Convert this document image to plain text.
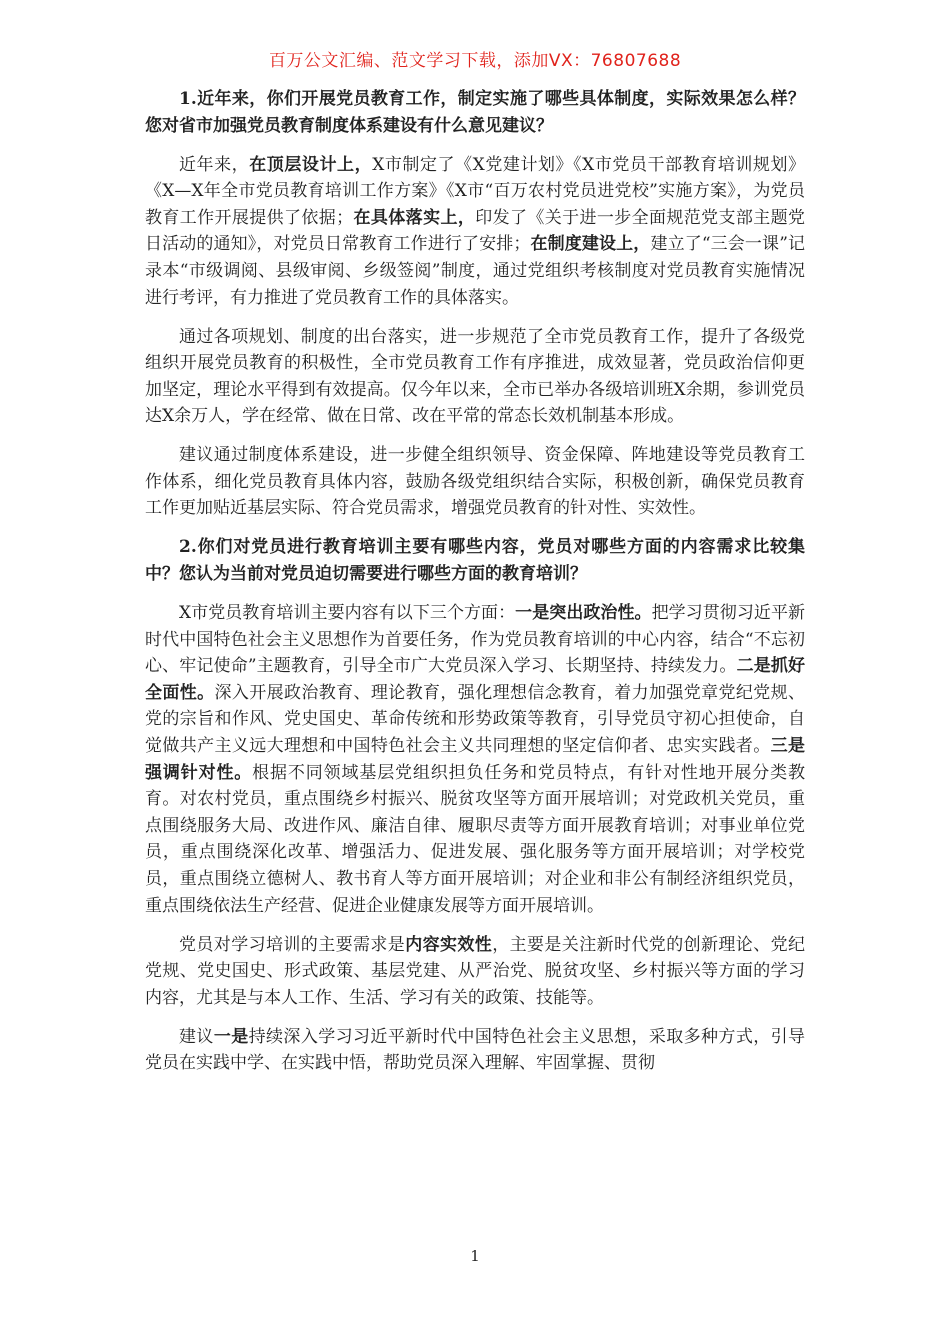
百万公文汇编、范文学习下载，添加VX：76807688

1.近年来，你们开展党员教育工作，制定实施了哪些具体制度，实际效果怎么样？您对省市加强党员教育制度体系建设有什么意见建议？

近年来，在顶层设计上，X市制定了《X党建计划》《X市党员干部教育培训规划》《X—X年全市党员教育培训工作方案》《X市“百万农村党员进党校”实施方案》，为党员教育工作开展提供了依据；在具体落实上，印发了《关于进一步全面规范党支部主题党日活动的通知》，对党员日常教育工作进行了安排；在制度建设上，建立了“三会一课”记录本“市级调阅、县级审阅、乡级签阅”制度，通过党组织考核制度对党员教育实施情况进行考评，有力推进了党员教育工作的具体落实。

通过各项规划、制度的出台落实，进一步规范了全市党员教育工作，提升了各级党组织开展党员教育的积极性，全市党员教育工作有序推进，成效显著，党员政治信仰更加坚定，理论水平得到有效提高。仅今年以来，全市已举办各级培训班X余期，参训党员达X余万人，学在经常、做在日常、改在平常的常态长效机制基本形成。

建议通过制度体系建设，进一步健全组织领导、资金保障、阵地建设等党员教育工作体系，细化党员教育具体内容，鼓励各级党组织结合实际，积极创新，确保党员教育工作更加贴近基层实际、符合党员需求，增强党员教育的针对性、实效性。

2.你们对党员进行教育培训主要有哪些内容，党员对哪些方面的内容需求比较集中？您认为当前对党员迫切需要进行哪些方面的教育培训？

X市党员教育培训主要内容有以下三个方面：一是突出政治性。把学习贯彻习近平新时代中国特色社会主义思想作为首要任务，作为党员教育培训的中心内容，结合“不忘初心、牢记使命”主题教育，引导全市广大党员深入学习、长期坚持、持续发力。二是抓好全面性。深入开展政治教育、理论教育，强化理想信念教育，着力加强党章党纪党规、党的宗旨和作风、党史国史、革命传统和形势政策等教育，引导党员守初心担使命，自觉做共产主义远大理想和中国特色社会主义共同理想的坚定信仰者、忠实实践者。三是强调针对性。根据不同领域基层党组织担负任务和党员特点，有针对性地开展分类教育。对农村党员，重点围绕乡村振兴、脱贫攻坚等方面开展培训；对党政机关党员，重点围绕服务大局、改进作风、廉洁自律、履职尽责等方面开展教育培训；对事业单位党员，重点围绕深化改革、增强活力、促进发展、强化服务等方面开展培训；对学校党员，重点围绕立德树人、教书育人等方面开展培训；对企业和非公有制经济组织党员，重点围绕依法生产经营、促进企业健康发展等方面开展培训。

党员对学习培训的主要需求是内容实效性，主要是关注新时代党的创新理论、党纪党规、党史国史、形式政策、基层党建、从严治党、脱贫攻坚、乡村振兴等方面的学习内容，尤其是与本人工作、生活、学习有关的政策、技能等。

建议一是持续深入学习习近平新时代中国特色社会主义思想，采取多种方式，引导党员在实践中学、在实践中悟，帮助党员深入理解、牢固掌握、贯彻

1
